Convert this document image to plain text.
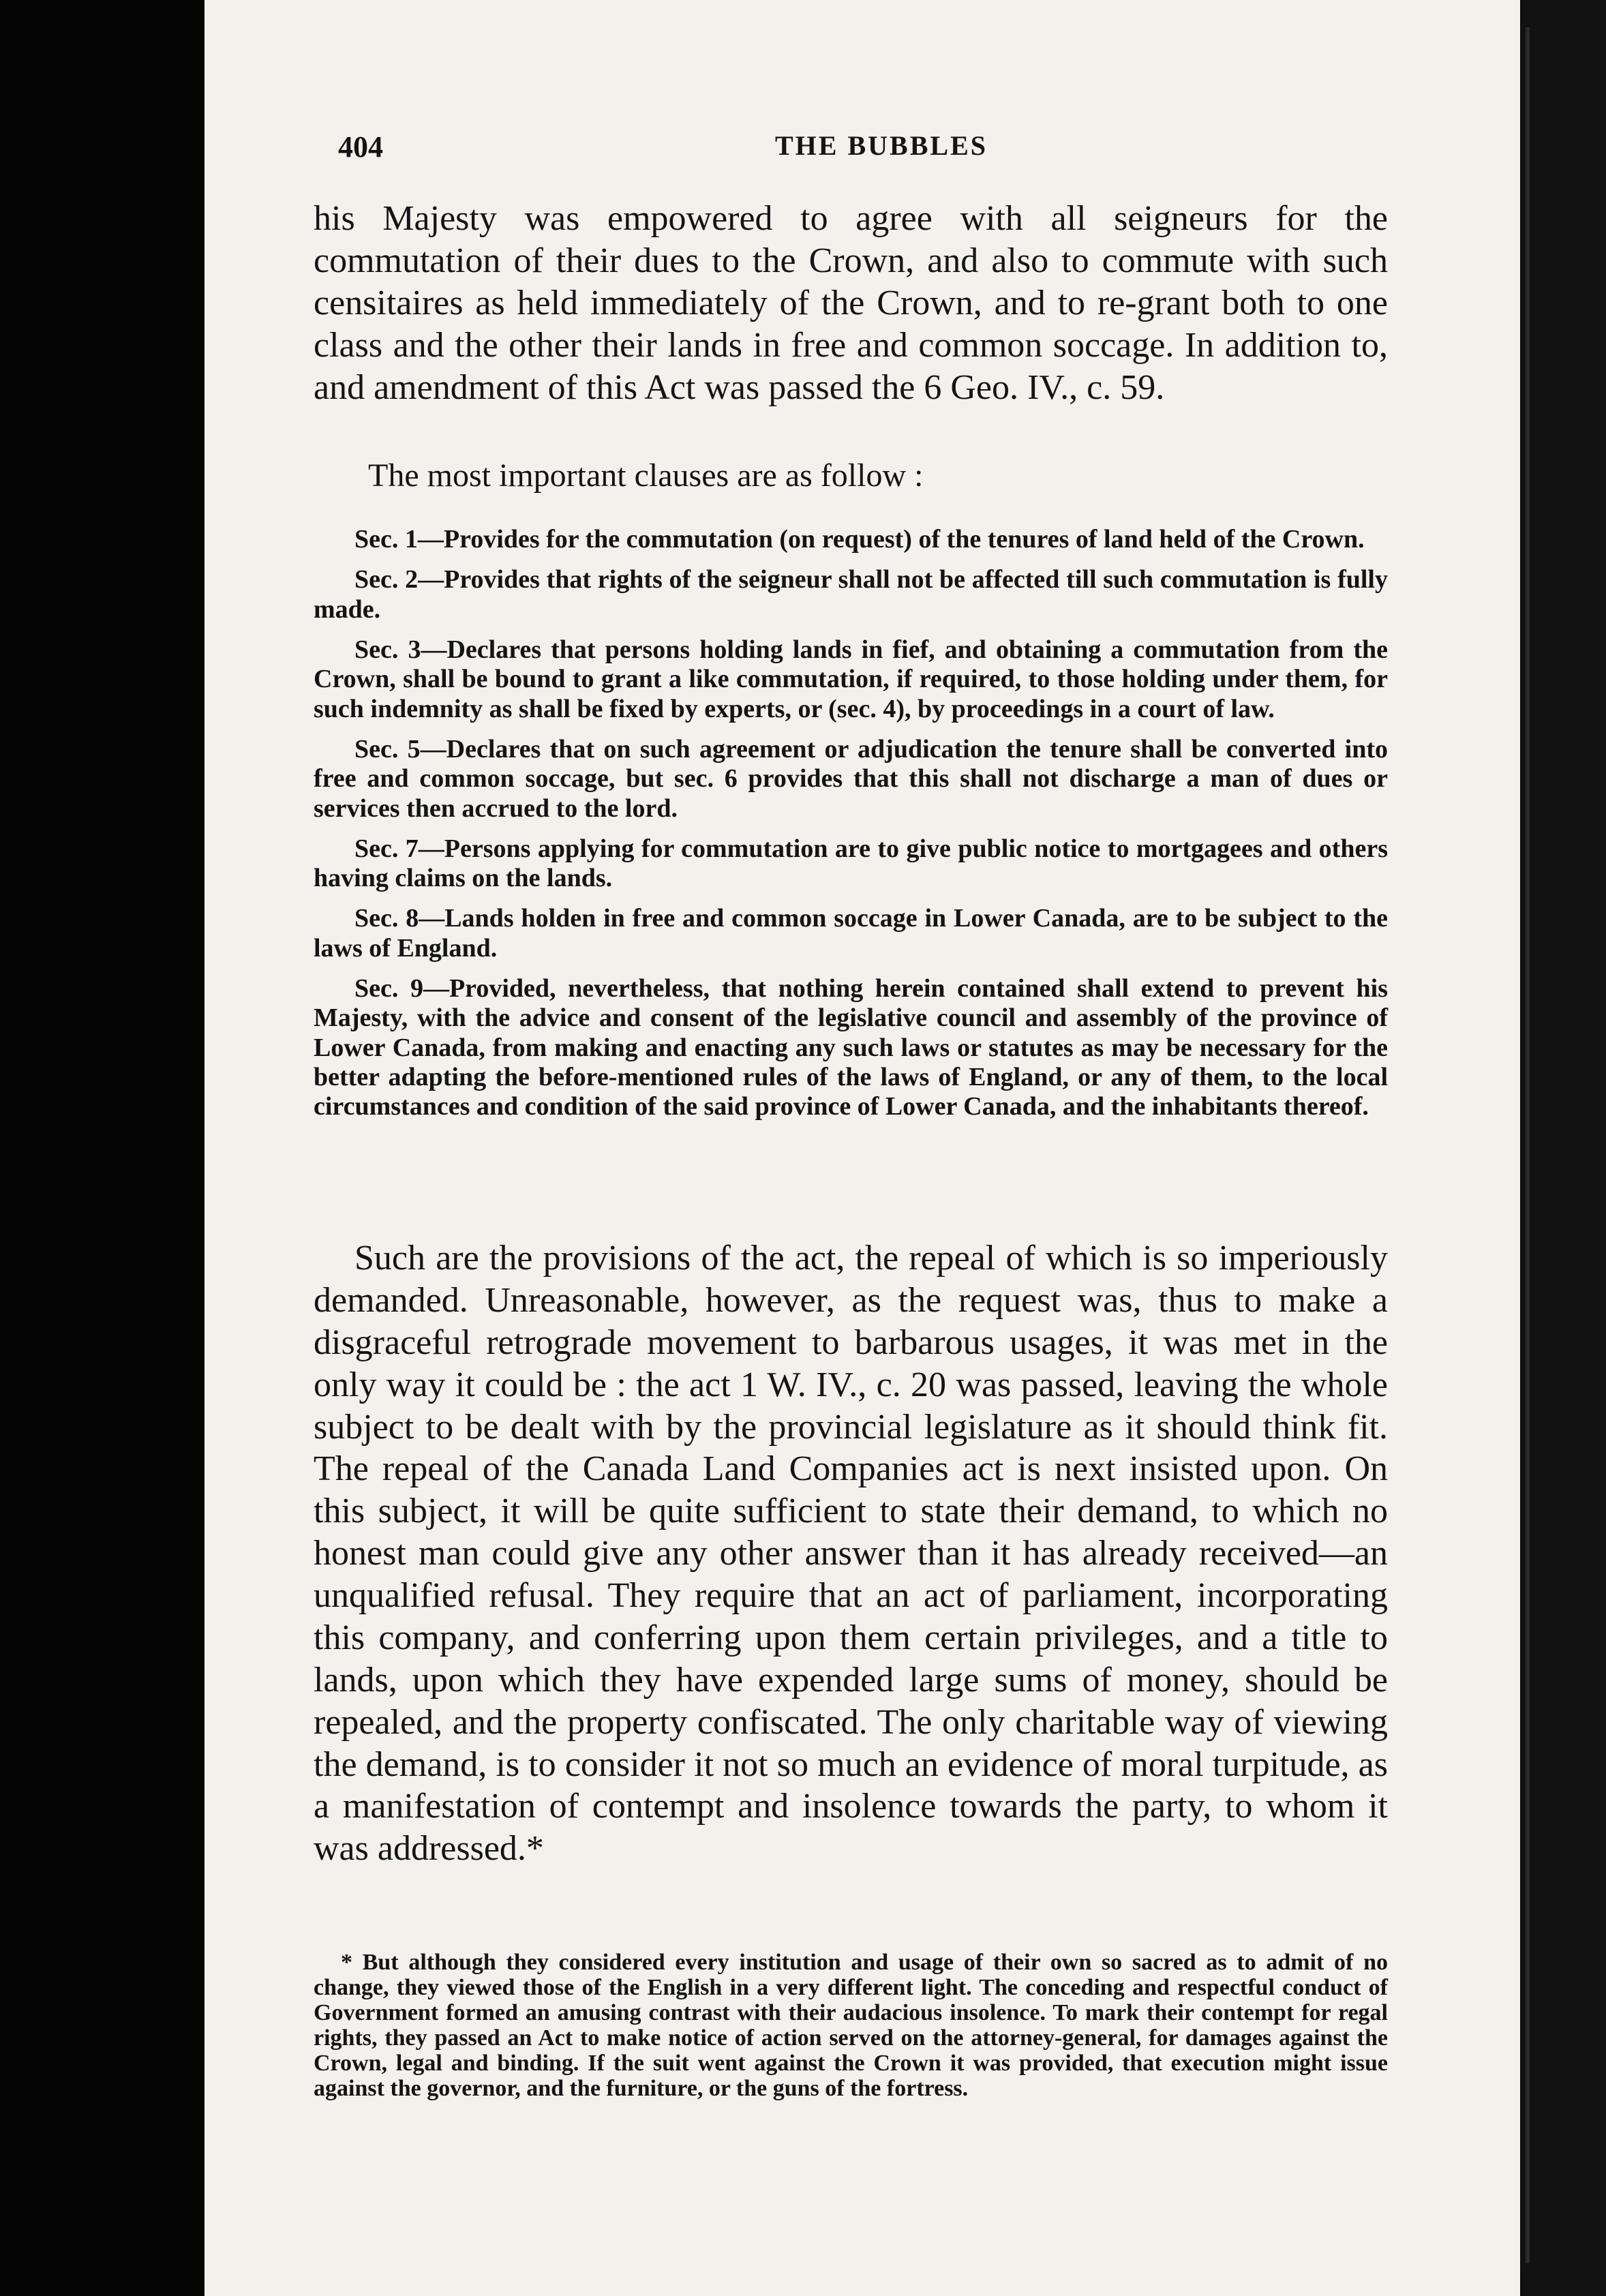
404	THE BUBBLES

his Majesty was empowered to agree with all seigneurs for the commutation of their dues to the Crown, and also to commute with such censitaires as held immediately of the Crown, and to re-grant both to one class and the other their lands in free and common soccage. In addition to, and amendment of this Act was passed the 6 Geo. IV., c. 59.

The most important clauses are as follow :

Sec. 1—Provides for the commutation (on request) of the tenures of land held of the Crown.

Sec. 2—Provides that rights of the seigneur shall not be affected till such commutation is fully made.

Sec. 3—Declares that persons holding lands in fief, and obtaining a commutation from the Crown, shall be bound to grant a like commutation, if required, to those holding under them, for such indemnity as shall be fixed by experts, or (sec. 4), by proceedings in a court of law.

Sec. 5—Declares that on such agreement or adjudication the tenure shall be converted into free and common soccage, but sec. 6 provides that this shall not discharge a man of dues or services then accrued to the lord.

Sec. 7—Persons applying for commutation are to give public notice to mortgagees and others having claims on the lands.

Sec. 8—Lands holden in free and common soccage in Lower Canada, are to be subject to the laws of England.

Sec. 9—Provided, nevertheless, that nothing herein contained shall extend to prevent his Majesty, with the advice and consent of the legislative council and assembly of the province of Lower Canada, from making and enacting any such laws or statutes as may be necessary for the better adapting the before-mentioned rules of the laws of England, or any of them, to the local circumstances and condition of the said province of Lower Canada, and the inhabitants thereof.

Such are the provisions of the act, the repeal of which is so imperiously demanded. Unreasonable, however, as the request was, thus to make a disgraceful retrograde movement to barbarous usages, it was met in the only way it could be : the act 1 W. IV., c. 20 was passed, leaving the whole subject to be dealt with by the provincial legislature as it should think fit. The repeal of the Canada Land Companies act is next insisted upon. On this subject, it will be quite sufficient to state their demand, to which no honest man could give any other answer than it has already received—an unqualified refusal. They require that an act of parliament, incorporating this company, and conferring upon them certain privileges, and a title to lands, upon which they have expended large sums of money, should be repealed, and the property confiscated. The only charitable way of viewing the demand, is to consider it not so much an evidence of moral turpitude, as a manifestation of contempt and insolence towards the party, to whom it was addressed.*

* But although they considered every institution and usage of their own so sacred as to admit of no change, they viewed those of the English in a very different light. The conceding and respectful conduct of Government formed an amusing contrast with their audacious insolence. To mark their contempt for regal rights, they passed an Act to make notice of action served on the attorney-general, for damages against the Crown, legal and binding. If the suit went against the Crown it was provided, that execution might issue against the governor, and the furniture, or the guns of the fortress.
